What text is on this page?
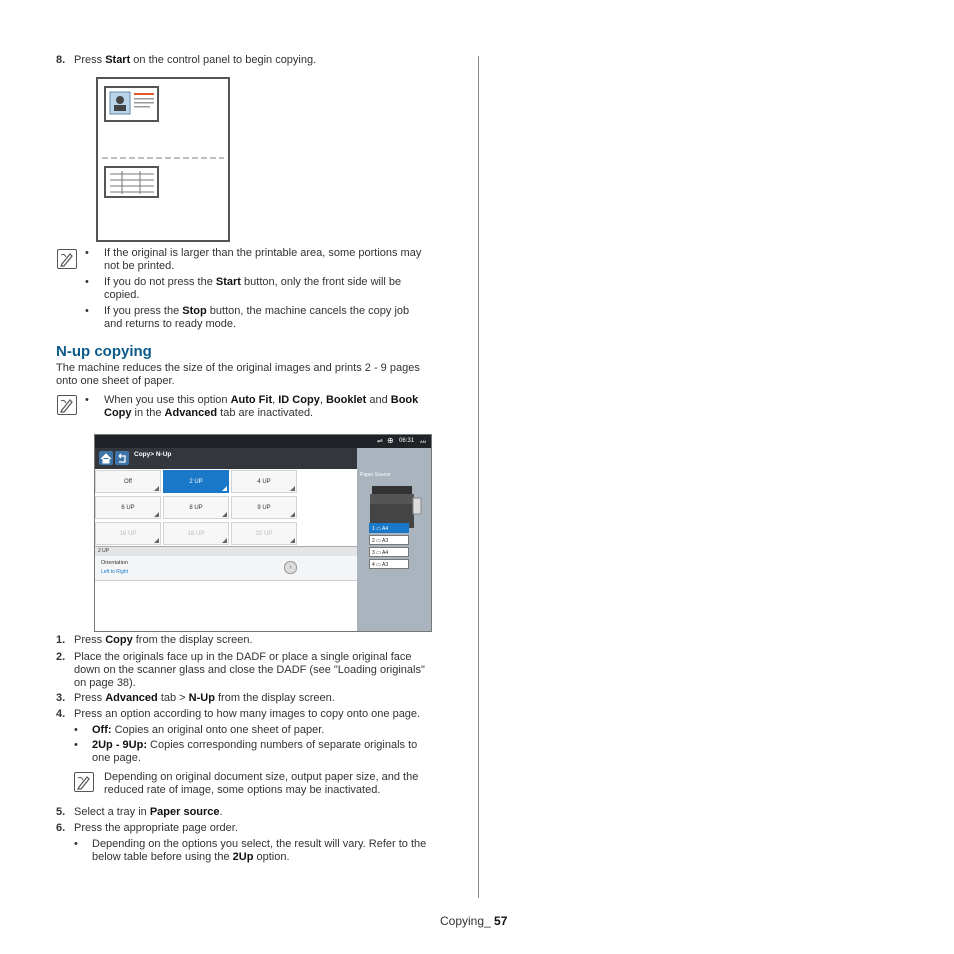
8. Press Start on the control panel to begin copying.
• If the original is larger than the printable area, some portions may
not be printed.
• If you do not press the Start button, only the front side will be
copied.
• If you press the Stop button, the machine cancels the copy job
and returns to ready mode.
N-up copying
The machine reduces the size of the original images and prints 2 - 9 pages
onto one sheet of paper.
• When you use this option Auto Fit, ID Copy, Booklet and Book
Copy in the Advanced tab are inactivated.
⇌ ⊕ 06:31 AM
Copy> N-Up
Paper Source
Off	2 UP	4 UP
6 UP	8 UP	9 UP
16 UP	18 UP	32 UP
2 UP
Orientation
Left to Right
›
1 ▭ A4
2 ▭ A3
3 ▭ A4
4 ▭ A3
1. Press Copy from the display screen.
2. Place the originals face up in the DADF or place a single original face
down on the scanner glass and close the DADF (see "Loading originals"
on page 38).
3. Press Advanced tab > N-Up from the display screen.
4. Press an option according to how many images to copy onto one page.
• Off: Copies an original onto one sheet of paper.
• 2Up - 9Up: Copies corresponding numbers of separate originals to
one page.
Depending on original document size, output paper size, and the
reduced rate of image, some options may be inactivated.
5. Select a tray in Paper source.
6. Press the appropriate page order.
• Depending on the options you select, the result will vary. Refer to the
below table before using the 2Up option.
Copying_ 57
